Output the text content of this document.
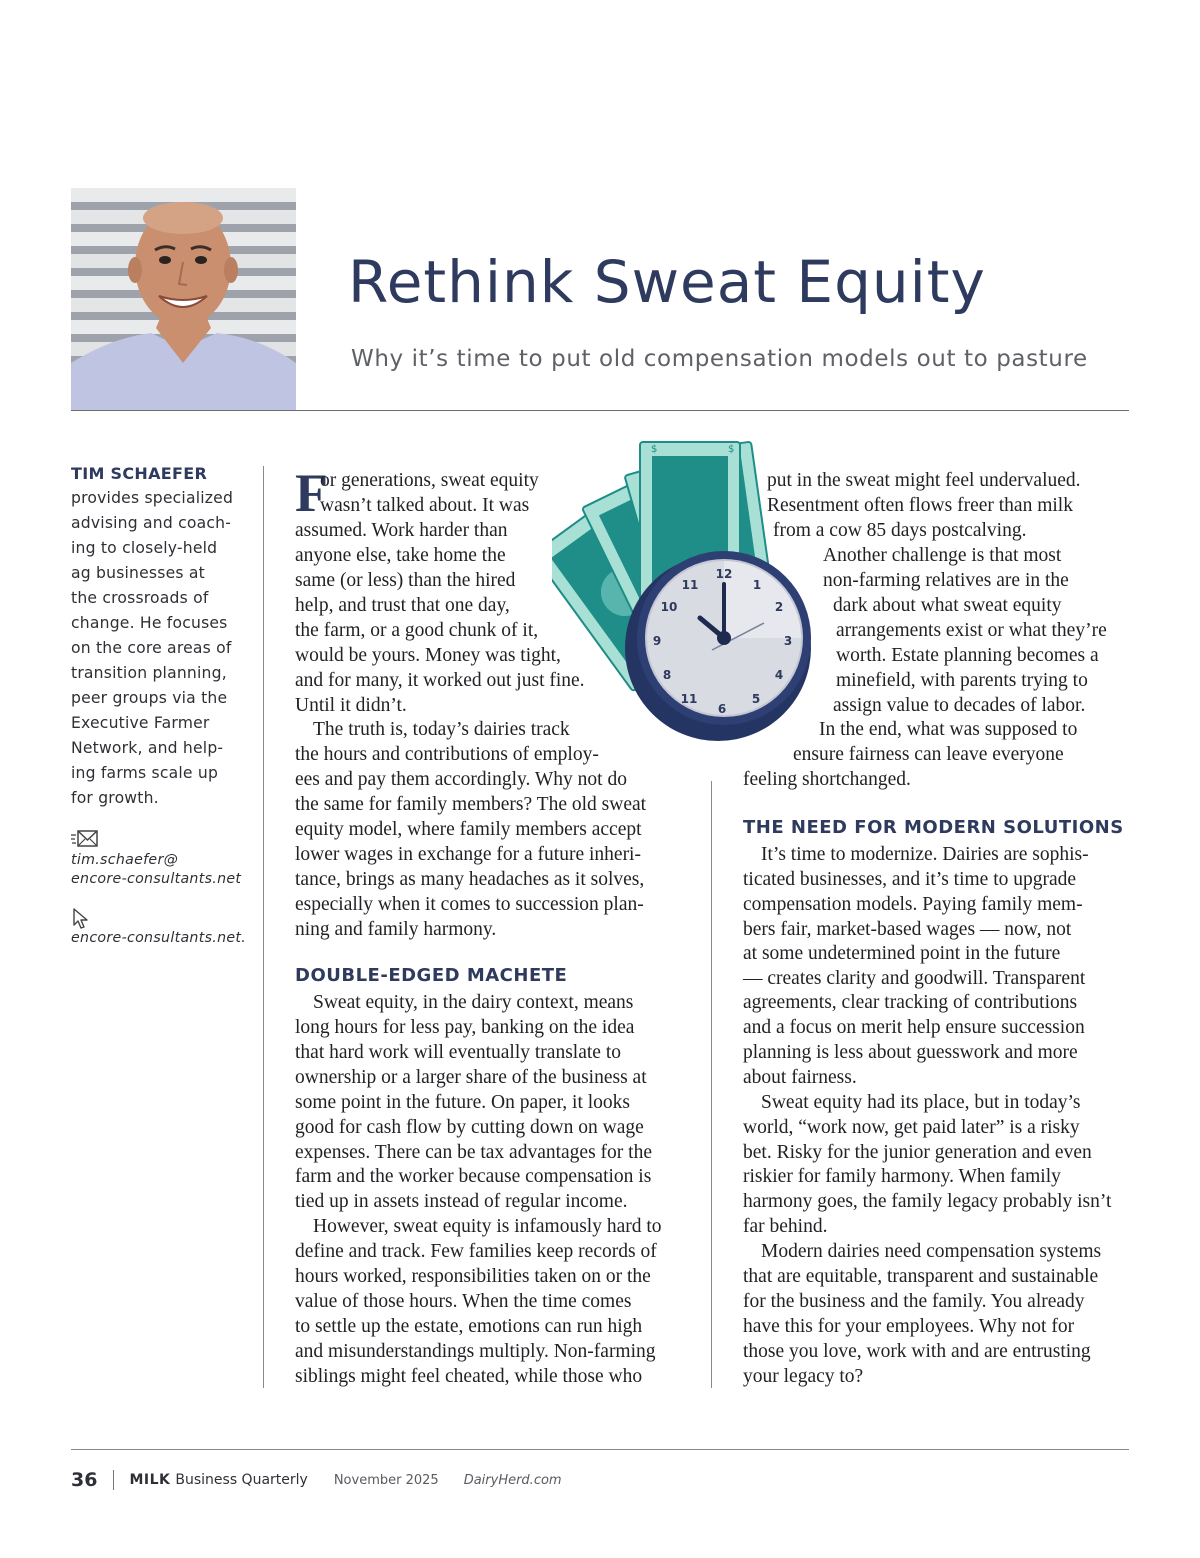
Rethink Sweat Equity
Why it’s time to put old compensation models out to pasture
TIM SCHAEFER
provides specialized
advising and coach-
ing to closely-held
ag businesses at
the crossroads of
change. He focuses
on the core areas of
transition planning,
peer groups via the
Executive Farmer
Network, and help-
ing farms scale up
for growth.
tim.schaefer@
encore-consultants.net
encore-consultants.net.
$	$
12
1
2
3
4
5
6
11
8
9
10
11
F
or generations, sweat equity
wasn’t talked about. It was
assumed. Work harder than
anyone else, take home the
same (or less) than the hired
help, and trust that one day,
the farm, or a good chunk of it,
would be yours. Money was tight,
and for many, it worked out just fine.
Until it didn’t.
The truth is, today’s dairies track
the hours and contributions of employ-
ees and pay them accordingly. Why not do
the same for family members? The old sweat
equity model, where family members accept
lower wages in exchange for a future inheri-
tance, brings as many headaches as it solves,
especially when it comes to succession plan-
ning and family harmony.
DOUBLE-EDGED MACHETE
Sweat equity, in the dairy context, means
long hours for less pay, banking on the idea
that hard work will eventually translate to
ownership or a larger share of the business at
some point in the future. On paper, it looks
good for cash flow by cutting down on wage
expenses. There can be tax advantages for the
farm and the worker because compensation is
tied up in assets instead of regular income.
However, sweat equity is infamously hard to
define and track. Few families keep records of
hours worked, responsibilities taken on or the
value of those hours. When the time comes
to settle up the estate, emotions can run high
and misunderstandings multiply. Non-farming
siblings might feel cheated, while those who
put in the sweat might feel undervalued.
Resentment often flows freer than milk
from a cow 85 days postcalving.
Another challenge is that most
non-farming relatives are in the
dark about what sweat equity
arrangements exist or what they’re
worth. Estate planning becomes a
minefield, with parents trying to
assign value to decades of labor.
In the end, what was supposed to
ensure fairness can leave everyone
feeling shortchanged.
THE NEED FOR MODERN SOLUTIONS
It’s time to modernize. Dairies are sophis-
ticated businesses, and it’s time to upgrade
compensation models. Paying family mem-
bers fair, market-based wages — now, not
at some undetermined point in the future
— creates clarity and goodwill. Transparent
agreements, clear tracking of contributions
and a focus on merit help ensure succession
planning is less about guesswork and more
about fairness.
Sweat equity had its place, but in today’s
world, “work now, get paid later” is a risky
bet. Risky for the junior generation and even
riskier for family harmony. When family
harmony goes, the family legacy probably isn’t
far behind.
Modern dairies need compensation systems
that are equitable, transparent and sustainable
for the business and the family. You already
have this for your employees. Why not for
those you love, work with and are entrusting
your legacy to?
36 MILK Business Quarterly November 2025 DairyHerd.com
